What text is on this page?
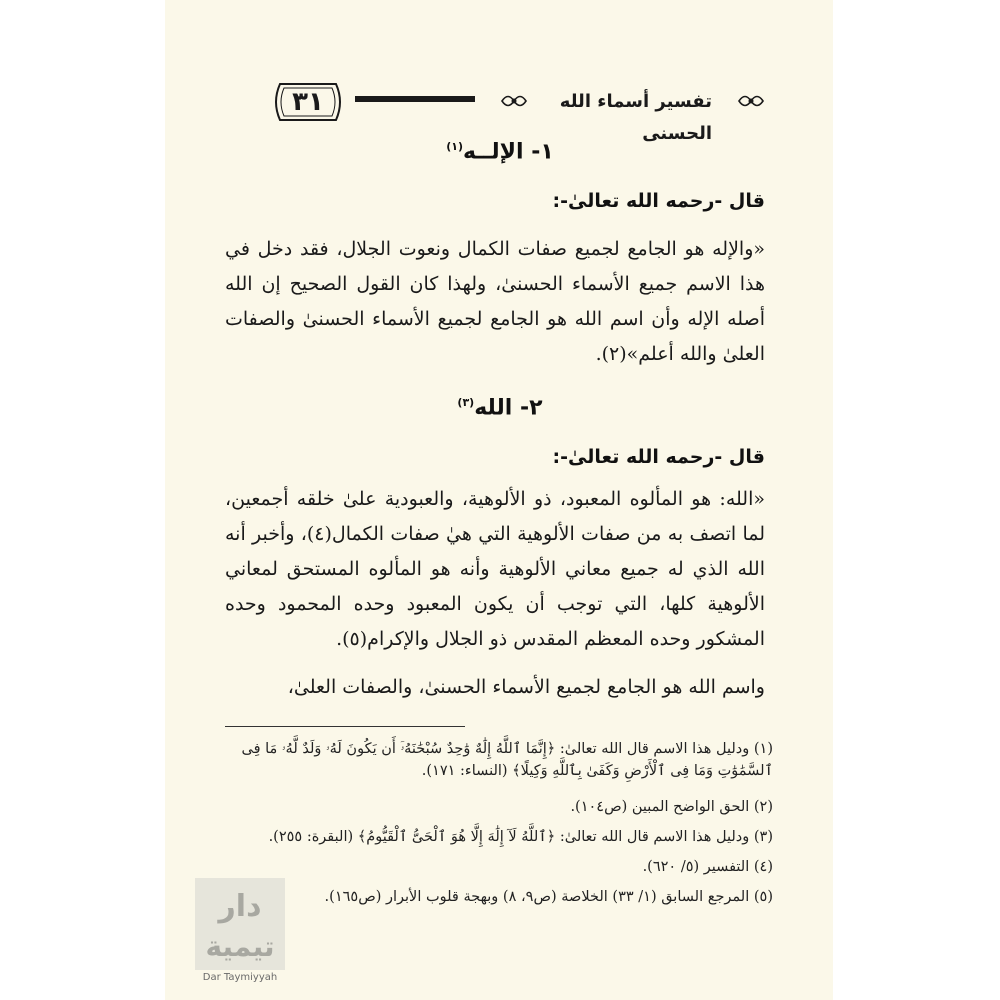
٣١	تفسير أسماء الله الحسنى
١- الإلــه$^{(١)}$
قال -رحمه الله تعالىٰ-:
«والإله هو الجامع لجميع صفات الكمال ونعوت الجلال، فقد دخل في هذا الاسم جميع الأسماء الحسنىٰ، ولهذا كان القول الصحيح إن الله أصله الإله وأن اسم الله هو الجامع لجميع الأسماء الحسنىٰ والصفات العلىٰ والله أعلم»(٢).
٢- الله$^{(٣)}$
قال -رحمه الله تعالىٰ-:
«الله: هو المألوه المعبود، ذو الألوهية، والعبودية علىٰ خلقه أجمعين، لما اتصف به من صفات الألوهية التي هيٰ صفات الكمال(٤)، وأخبر أنه الله الذي له جميع معاني الألوهية وأنه هو المألوه المستحق لمعاني الألوهية كلها، التي توجب أن يكون المعبود وحده المحمود وحده المشكور وحده المعظم المقدس ذو الجلال والإكرام(٥).
واسم الله هو الجامع لجميع الأسماء الحسنىٰ، والصفات العلىٰ،
(١) ودليل هذا الاسم قال الله تعالىٰ: ﴿إِنَّمَا ٱللَّهُ إِلَٰهٌ وَٰحِدٌ سُبْحَٰنَهُۥٓ أَن يَكُونَ لَهُۥ وَلَدٌ لَّهُۥ مَا فِى ٱلسَّمَٰوَٰتِ وَمَا فِى ٱلْأَرْضِ وَكَفَىٰ بِٱللَّهِ وَكِيلًا﴾ (النساء: ١٧١).
(٢) الحق الواضح المبين (ص١٠٤).
(٣) ودليل هذا الاسم قال الله تعالىٰ: ﴿ٱللَّهُ لَآ إِلَٰهَ إِلَّا هُوَ ٱلْحَىُّ ٱلْقَيُّومُ﴾ (البقرة: ٢٥٥).
(٤) التفسير (٥/ ٦٢٠).
(٥) المرجع السابق (١/ ٣٣) الخلاصة (ص٩، ٨) وبهجة قلوب الأبرار (ص١٦٥).
دار
تيمية
Dar Taymiyyah
